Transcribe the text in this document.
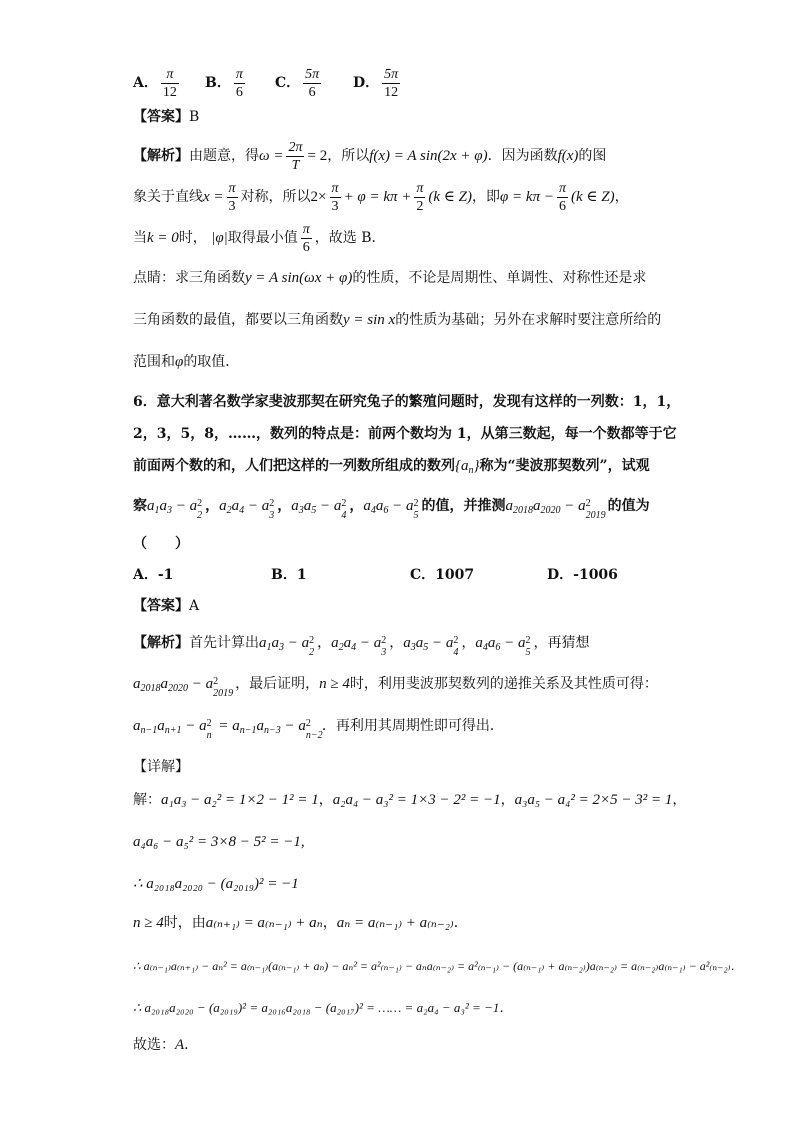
A． $\frac{\pi}{12}$ B． $\frac{\pi}{6}$ C． $\frac{5\pi}{6}$ D． $\frac{5\pi}{12}$
【答案】B
【解析】由题意，得$\omega = \frac{2\pi}{T} = 2$，所以f(x) = A sin(2x + φ)．因为函数f(x)的图
象关于直线$x = \frac{\pi}{3}$ 对称，所以$2\times \frac{\pi}{3} + \varphi = k\pi + \frac{\pi}{2} (k$ ∈ Z)，即$\varphi = k\pi - \frac{\pi}{6} (k$ ∈ Z)，
当k = 0时， |φ|取得最小值 $\frac{\pi}{6}$ ，故选 B．
点睛：求三角函数y = A sin(ωx + φ)的性质，不论是周期性、单调性、对称性还是求
三角函数的最值，都要以三角函数y = sin x的性质为基础；另外在求解时要注意所给的
范围和φ的取值．
6．意大利著名数学家斐波那契在研究兔子的繁殖问题时，发现有这样的一列数：1，1，
2，3，5，8，……，数列的特点是：前两个数均为 1，从第三数起，每一个数都等于它
前面两个数的和，人们把这样的一列数所组成的数列$\{a_n\}$称为“斐波那契数列”，试观
察$a_1a_3 - a$ 2
2
，$a_2a_4 - a$ 2
3
，$a_3a_5 - a$ 2
4
，$a_4a_6 - a$ 2
5
的值，并推测$a_{2018}a_{2020} - a$ 2
2019
的值为
（　　）
A．-1	B．1	C．1007	D．-1006
【答案】A
【解析】首先计算出$a_1a_3 - a$ 2
2
，$a_2a_4 - a$ 2
3
，$a_3a_5 - a$ 2
4
，$a_4a_6 - a$ 2
5
，再猜想
$a_{2018}a_{2020} - a$ 2
2019
，最后证明，n ≥ 4时，利用斐波那契数列的递推关系及其性质可得：
$a_{n-1}a_{n+1} - a$ 2
n
= $a_{n-1}a_{n-3} - a$ 2
n−2
．再利用其周期性即可得出．
【详解】
解：a₁a₃ − a₂² = 1×2 − 1² = 1，a₂a₄ − a₃² = 1×3 − 2² = −1，a₃a₅ − a₄² = 2×5 − 3² = 1，
a₄a₆ − a₅² = 3×8 − 5² = −1,
∴ a₂₀₁₈a₂₀₂₀ − (a₂₀₁₉)² = −1
n ≥ 4时，由a₍ₙ₊₁₎ = a₍ₙ₋₁₎ + aₙ，aₙ = a₍ₙ₋₁₎ + a₍ₙ₋₂₎．
∴ a₍ₙ₋₁₎a₍ₙ₊₁₎ − aₙ² = a₍ₙ₋₁₎(a₍ₙ₋₁₎ + aₙ) − aₙ² = a²₍ₙ₋₁₎ − aₙa₍ₙ₋₂₎ = a²₍ₙ₋₁₎ − (a₍ₙ₋₁₎ + a₍ₙ₋₂₎)a₍ₙ₋₂₎ = a₍ₙ₋₂₎a₍ₙ₋₁₎ − a²₍ₙ₋₂₎．
∴ a₂₀₁₈a₂₀₂₀ − (a₂₀₁₉)² = a₂₀₁₆a₂₀₁₈ − (a₂₀₁₇)² = …… = a₂a₄ − a₃² = −1．
故选：A．
